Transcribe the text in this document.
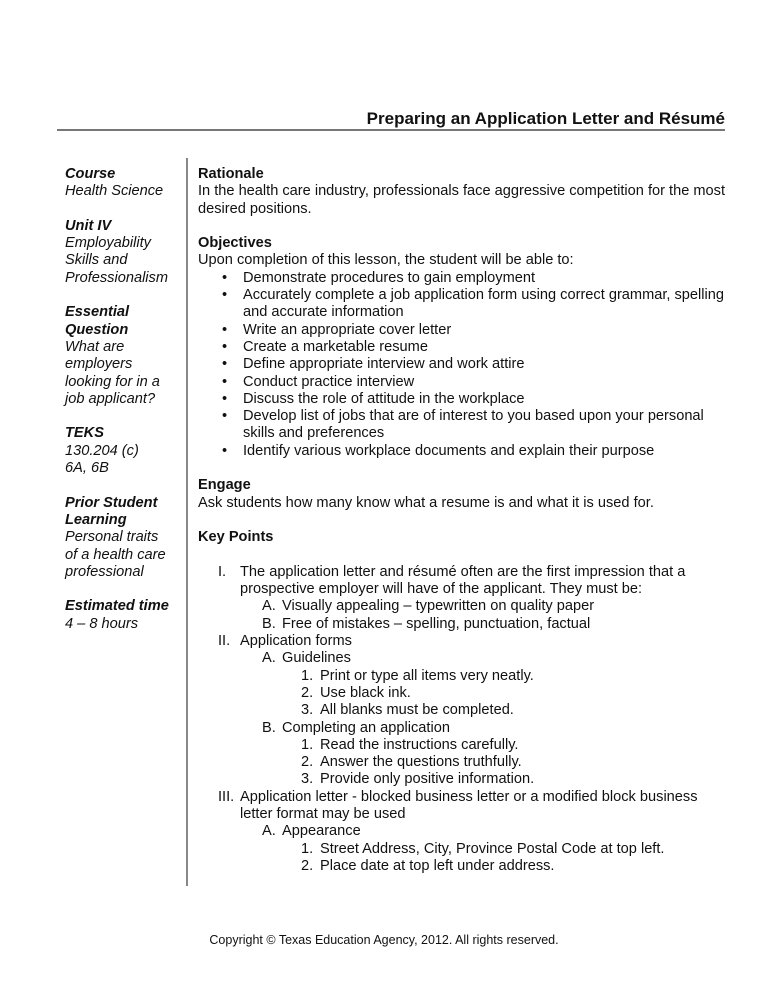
Preparing an Application Letter and Résumé
Course
Health Science
Unit IV
Employability
Skills and
Professionalism
Essential
Question
What are
employers
looking for in a
job applicant?
TEKS
130.204 (c)
6A, 6B
Prior Student
Learning
Personal traits
of a health care
professional
Estimated time
4 – 8 hours
Rationale
In the health care industry, professionals face aggressive competition for the most desired positions.
Objectives
Upon completion of this lesson, the student will be able to:
• Demonstrate procedures to gain employment
• Accurately complete a job application form using correct grammar, spelling and accurate information
• Write an appropriate cover letter
• Create a marketable resume
• Define appropriate interview and work attire
• Conduct practice interview
• Discuss the role of attitude in the workplace
• Develop list of jobs that are of interest to you based upon your personal skills and preferences
• Identify various workplace documents and explain their purpose
Engage
Ask students how many know what a resume is and what it is used for.
Key Points
I. The application letter and résumé often are the first impression that a prospective employer will have of the applicant. They must be:
A. Visually appealing – typewritten on quality paper
B. Free of mistakes – spelling, punctuation, factual
II. Application forms
A. Guidelines
1. Print or type all items very neatly.
2. Use black ink.
3. All blanks must be completed.
B. Completing an application
1. Read the instructions carefully.
2. Answer the questions truthfully.
3. Provide only positive information.
III. Application letter - blocked business letter or a modified block business letter format may be used
A. Appearance
1. Street Address, City, Province Postal Code at top left.
2. Place date at top left under address.
Copyright © Texas Education Agency, 2012. All rights reserved.
